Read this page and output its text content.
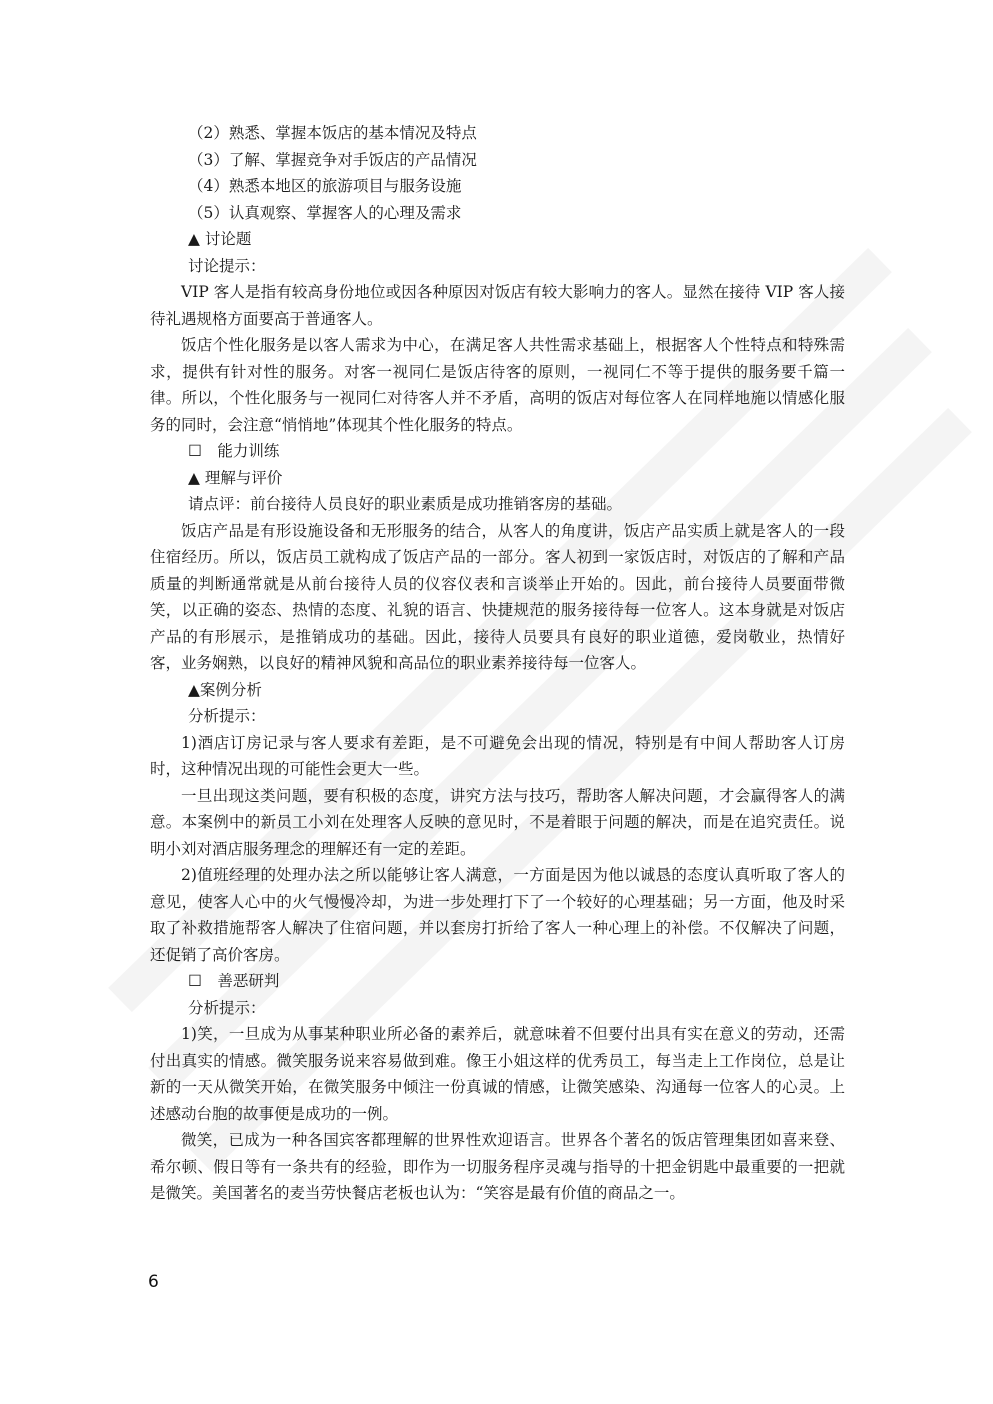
（2）熟悉、掌握本饭店的基本情况及特点

（3）了解、掌握竞争对手饭店的产品情况

（4）熟悉本地区的旅游项目与服务设施

（5）认真观察、掌握客人的心理及需求

▲ 讨论题

讨论提示：

VIP 客人是指有较高身份地位或因各种原因对饭店有较大影响力的客人。显然在接待 VIP 客人接待礼遇规格方面要高于普通客人。

饭店个性化服务是以客人需求为中心，在满足客人共性需求基础上，根据客人个性特点和特殊需求，提供有针对性的服务。对客一视同仁是饭店待客的原则，一视同仁不等于提供的服务要千篇一律。所以，个性化服务与一视同仁对待客人并不矛盾，高明的饭店对每位客人在同样地施以情感化服务的同时，会注意“悄悄地”体现其个性化服务的特点。

☐　能力训练

▲ 理解与评价

请点评：前台接待人员良好的职业素质是成功推销客房的基础。

饭店产品是有形设施设备和无形服务的结合，从客人的角度讲，饭店产品实质上就是客人的一段住宿经历。所以，饭店员工就构成了饭店产品的一部分。客人初到一家饭店时，对饭店的了解和产品质量的判断通常就是从前台接待人员的仪容仪表和言谈举止开始的。因此，前台接待人员要面带微笑，以正确的姿态、热情的态度、礼貌的语言、快捷规范的服务接待每一位客人。这本身就是对饭店产品的有形展示，是推销成功的基础。因此，接待人员要具有良好的职业道德，爱岗敬业，热情好客，业务娴熟，以良好的精神风貌和高品位的职业素养接待每一位客人。

▲案例分析

分析提示：

1)酒店订房记录与客人要求有差距，是不可避免会出现的情况，特别是有中间人帮助客人订房时，这种情况出现的可能性会更大一些。

一旦出现这类问题，要有积极的态度，讲究方法与技巧，帮助客人解决问题，才会赢得客人的满意。本案例中的新员工小刘在处理客人反映的意见时，不是着眼于问题的解决，而是在追究责任。说明小刘对酒店服务理念的理解还有一定的差距。

2)值班经理的处理办法之所以能够让客人满意，一方面是因为他以诚恳的态度认真听取了客人的意见，使客人心中的火气慢慢冷却，为进一步处理打下了一个较好的心理基础；另一方面，他及时采取了补救措施帮客人解决了住宿问题，并以套房打折给了客人一种心理上的补偿。不仅解决了问题，还促销了高价客房。

☐　善恶研判

分析提示：

1)笑，一旦成为从事某种职业所必备的素养后，就意味着不但要付出具有实在意义的劳动，还需付出真实的情感。微笑服务说来容易做到难。像王小姐这样的优秀员工，每当走上工作岗位，总是让新的一天从微笑开始，在微笑服务中倾注一份真诚的情感，让微笑感染、沟通每一位客人的心灵。上述感动台胞的故事便是成功的一例。

微笑，已成为一种各国宾客都理解的世界性欢迎语言。世界各个著名的饭店管理集团如喜来登、希尔顿、假日等有一条共有的经验，即作为一切服务程序灵魂与指导的十把金钥匙中最重要的一把就是微笑。美国著名的麦当劳快餐店老板也认为：“笑容是最有价值的商品之一。

6
